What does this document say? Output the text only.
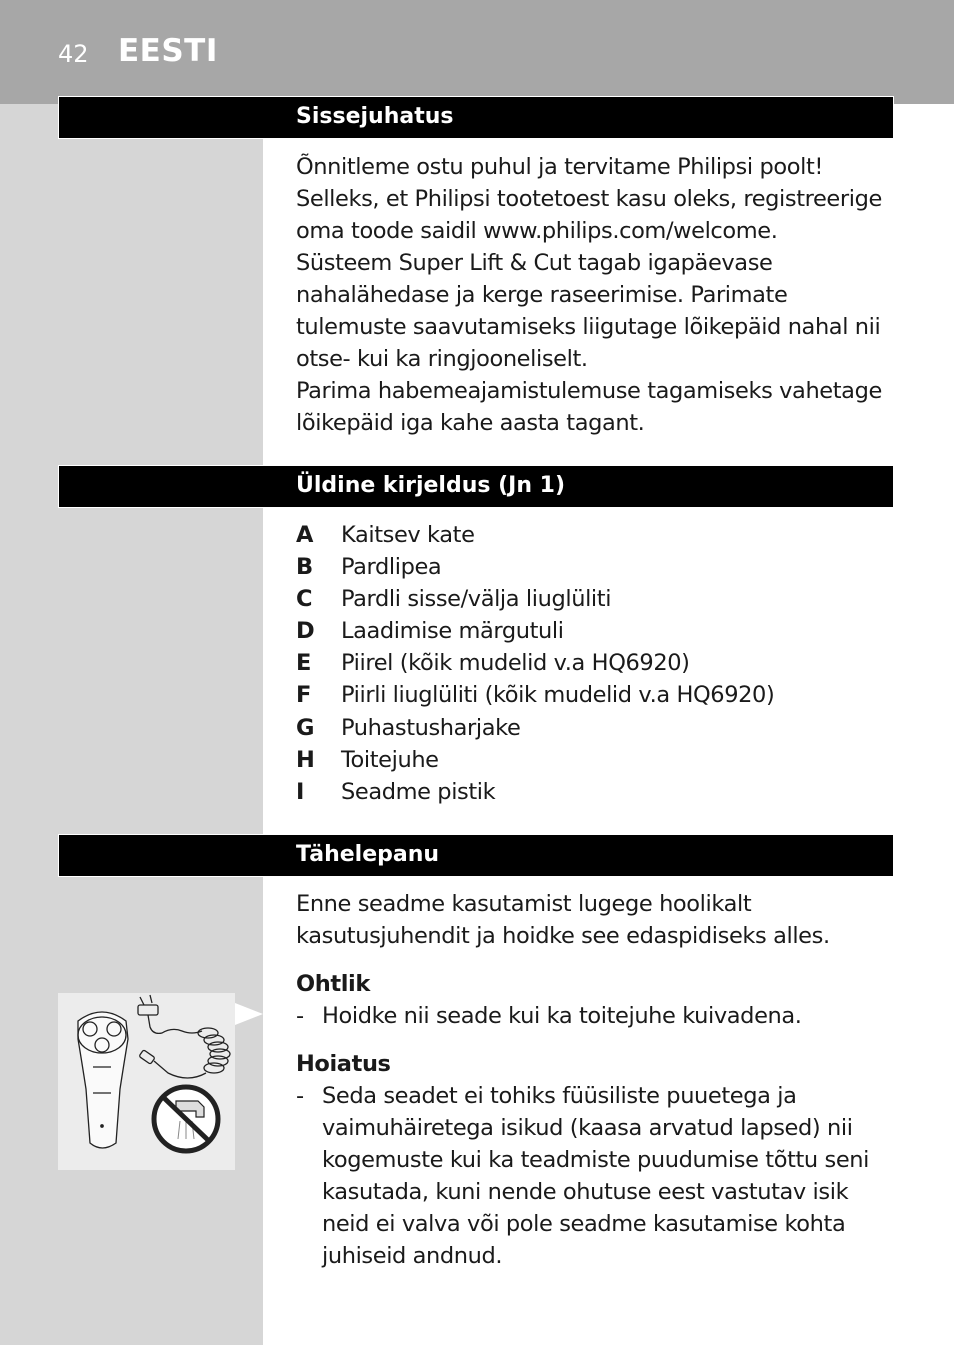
42 EESTI
Sissejuhatus

Õnnitleme ostu puhul ja tervitame Philipsi poolt!

Selleks, et Philipsi tootetoest kasu oleks, registreerige

oma toode saidil www.philips.com/welcome.

Süsteem Super Lift & Cut tagab igapäevase

nahalähedase ja kerge raseerimise. Parimate

tulemuste saavutamiseks liigutage lõikepäid nahal nii

otse- kui ka ringjooneliselt.

Parima habemeajamistulemuse tagamiseks vahetage

lõikepäid iga kahe aasta tagant.

Üldine kirjeldus (Jn 1)
A	Kaitsev kate
B	Pardlipea
C	Pardli sisse/välja liuglüliti
D	Laadimise märgutuli
E	Piirel (kõik mudelid v.a HQ6920)
F	Piirli liuglüliti (kõik mudelid v.a HQ6920)
G	Puhastusharjake
H	Toitejuhe
I	Seadme pistik
Tähelepanu

Enne seadme kasutamist lugege hoolikalt

kasutusjuhendit ja hoidke see edaspidiseks alles.

Ohtlik
- Hoidke nii seade kui ka toitejuhe kuivadena.

Hoiatus
- Seda seadet ei tohiks füüsiliste puuetega ja

vaimuhäiretega isikud (kaasa arvatud lapsed) nii

kogemuste kui ka teadmiste puudumise tõttu seni

kasutada, kuni nende ohutuse eest vastutav isik

neid ei valva või pole seadme kasutamise kohta

juhiseid andnud.
